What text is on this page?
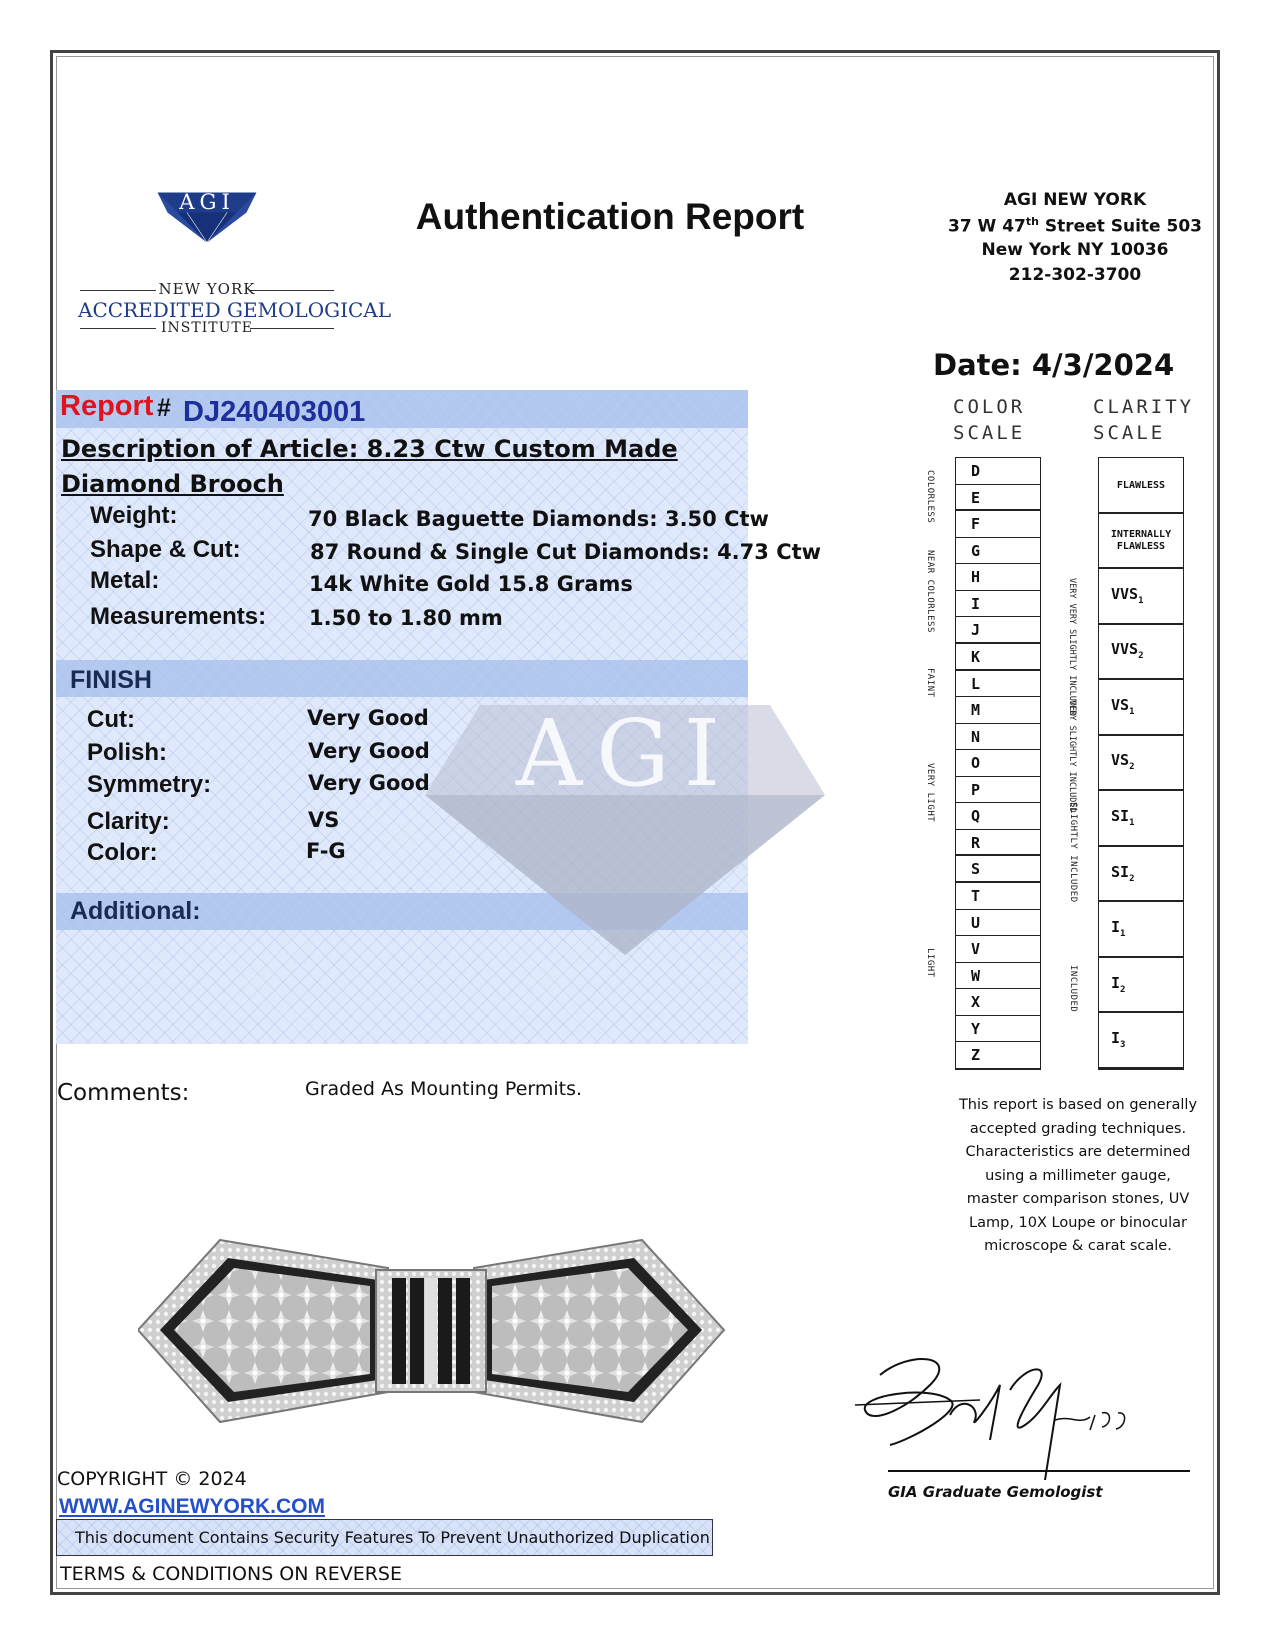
AGI
NEW YORK
ACCREDITED GEMOLOGICAL
INSTITUTE
Authentication Report	AGI NEW YORK
37 W 47th Street Suite 503
New York NY 10036
212-302-3700
Date: 4/3/2024
AGI
Report # DJ240403001
Description of Article: 8.23 Ctw Custom Made Diamond Brooch
Weight:	70 Black Baguette Diamonds: 3.50 Ctw
Shape & Cut:	87 Round & Single Cut Diamonds: 4.73 Ctw
Metal:	14k White Gold 15.8 Grams
Measurements: 1.50 to 1.80 mm
FINISH
Cut:	Very Good
Polish:	Very Good
Symmetry:	Very Good
Clarity:	VS
Color:	F-G
Additional:
Comments:	Graded As Mounting Permits.
COLOR
SCALE
CLARITY
SCALE
D
E
F
G
H
I
J
K
L
M
N
O
P
Q
R
S
T
U
V
W
X
Y
Z
COLORLESS
NEAR COLORLESS
FAINT
VERY LIGHT
LIGHT
VERY VERY SLIGHTLY INCLUDED
VERY SLIGHTLY INCLUDED
SLIGHTLY INCLUDED
INCLUDED
FLAWLESS
INTERNALLY FLAWLESS
$VVS_1$
$VVS_2$
$VS_1$
$VS_2$
$SI_1$
$SI_2$
$I_1$
$I_2$
$I_3$
This report is based on generally accepted grading techniques. Characteristics are determined using a millimeter gauge, master comparison stones, UV Lamp, 10X Loupe or binocular microscope & carat scale.
GIA Graduate Gemologist
COPYRIGHT © 2024
WWW.AGINEWYORK.COM
This document Contains Security Features To Prevent Unauthorized Duplication
TERMS & CONDITIONS ON REVERSE
